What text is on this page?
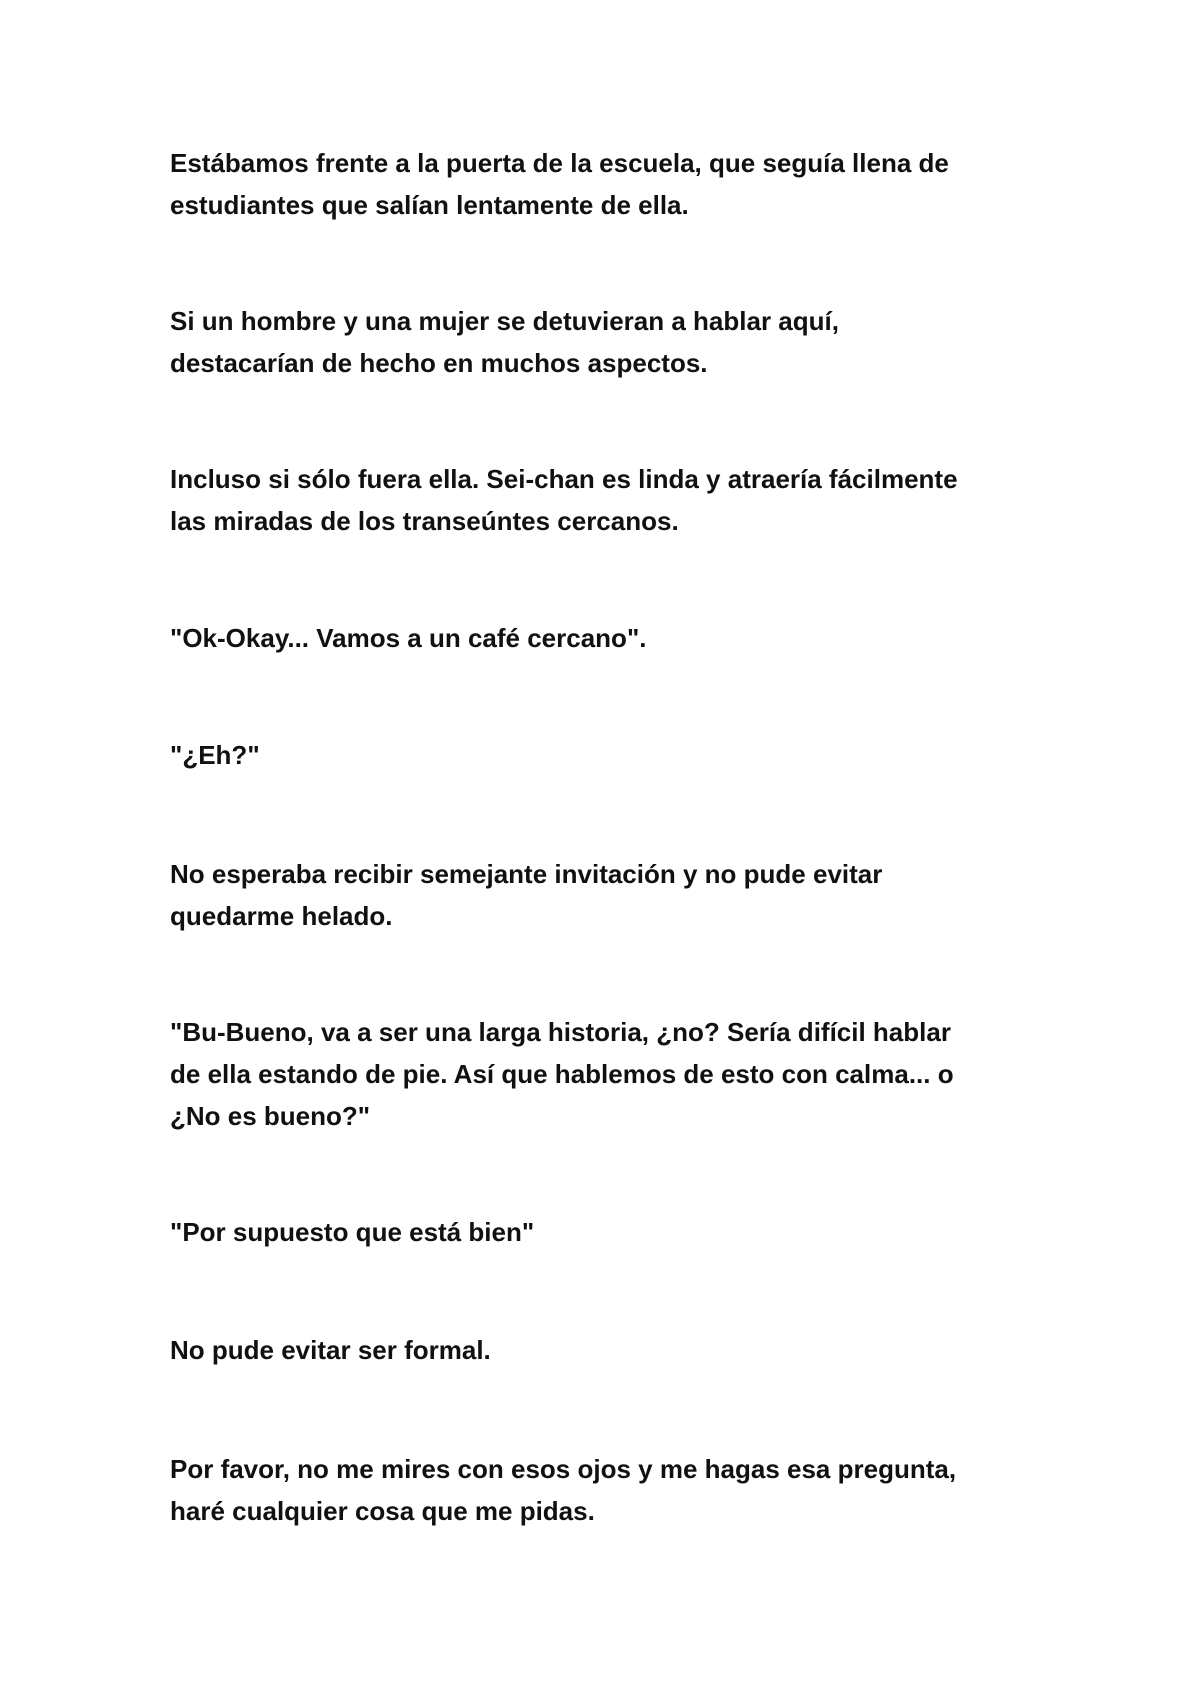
Estábamos frente a la puerta de la escuela, que seguía llena de
estudiantes que salían lentamente de ella.

Si un hombre y una mujer se detuvieran a hablar aquí,
destacarían de hecho en muchos aspectos.

Incluso si sólo fuera ella. Sei-chan es linda y atraería fácilmente
las miradas de los transeúntes cercanos.

"Ok-Okay... Vamos a un café cercano".

"¿Eh?"

No esperaba recibir semejante invitación y no pude evitar
quedarme helado.

"Bu-Bueno, va a ser una larga historia, ¿no? Sería difícil hablar
de ella estando de pie. Así que hablemos de esto con calma... o
¿No es bueno?"

"Por supuesto que está bien"

No pude evitar ser formal.

Por favor, no me mires con esos ojos y me hagas esa pregunta,
haré cualquier cosa que me pidas.
